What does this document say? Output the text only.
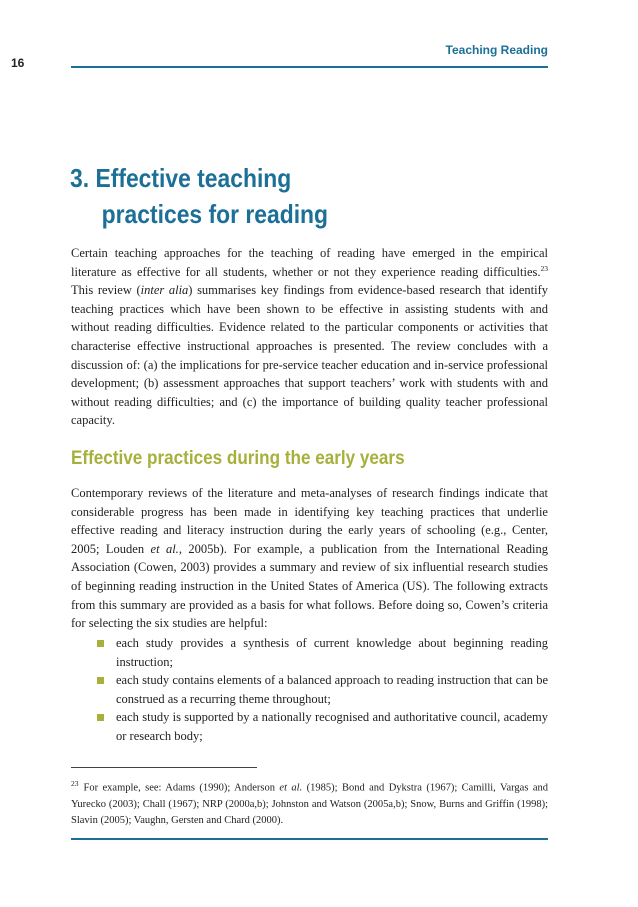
16
Teaching Reading
3. Effective teaching
practices for reading

Certain teaching approaches for the teaching of reading have emerged in the empirical literature as effective for all students, whether or not they experience reading difficulties.$^{23}$ This review (inter alia) summarises key findings from evidence-based research that identify teaching practices which have been shown to be effective in assisting students with and without reading difficulties. Evidence related to the particular components or activities that characterise effective instructional approaches is presented. The review concludes with a discussion of: (a) the implications for pre-service teacher education and in-service professional development; (b) assessment approaches that support teachers’ work with students with and without reading difficulties; and (c) the importance of building quality teacher professional capacity.

Effective practices during the early years

Contemporary reviews of the literature and meta-analyses of research findings indicate that considerable progress has been made in identifying key teaching practices that underlie effective reading and literacy instruction during the early years of schooling (e.g., Center, 2005; Louden et al., 2005b). For example, a publication from the International Reading Association (Cowen, 2003) provides a summary and review of six influential research studies of beginning reading instruction in the United States of America (US). The following extracts from this summary are provided as a basis for what follows. Before doing so, Cowen’s criteria for selecting the six studies are helpful:

each study provides a synthesis of current knowledge about beginning reading instruction;
each study contains elements of a balanced approach to reading instruction that can be construed as a recurring theme throughout;
each study is supported by a nationally recognised and authoritative council, academy or research body;

$^{23}$ For example, see: Adams (1990); Anderson et al. (1985); Bond and Dykstra (1967); Camilli, Vargas and Yurecko (2003); Chall (1967); NRP (2000a,b); Johnston and Watson (2005a,b); Snow, Burns and Griffin (1998); Slavin (2005); Vaughn, Gersten and Chard (2000).
